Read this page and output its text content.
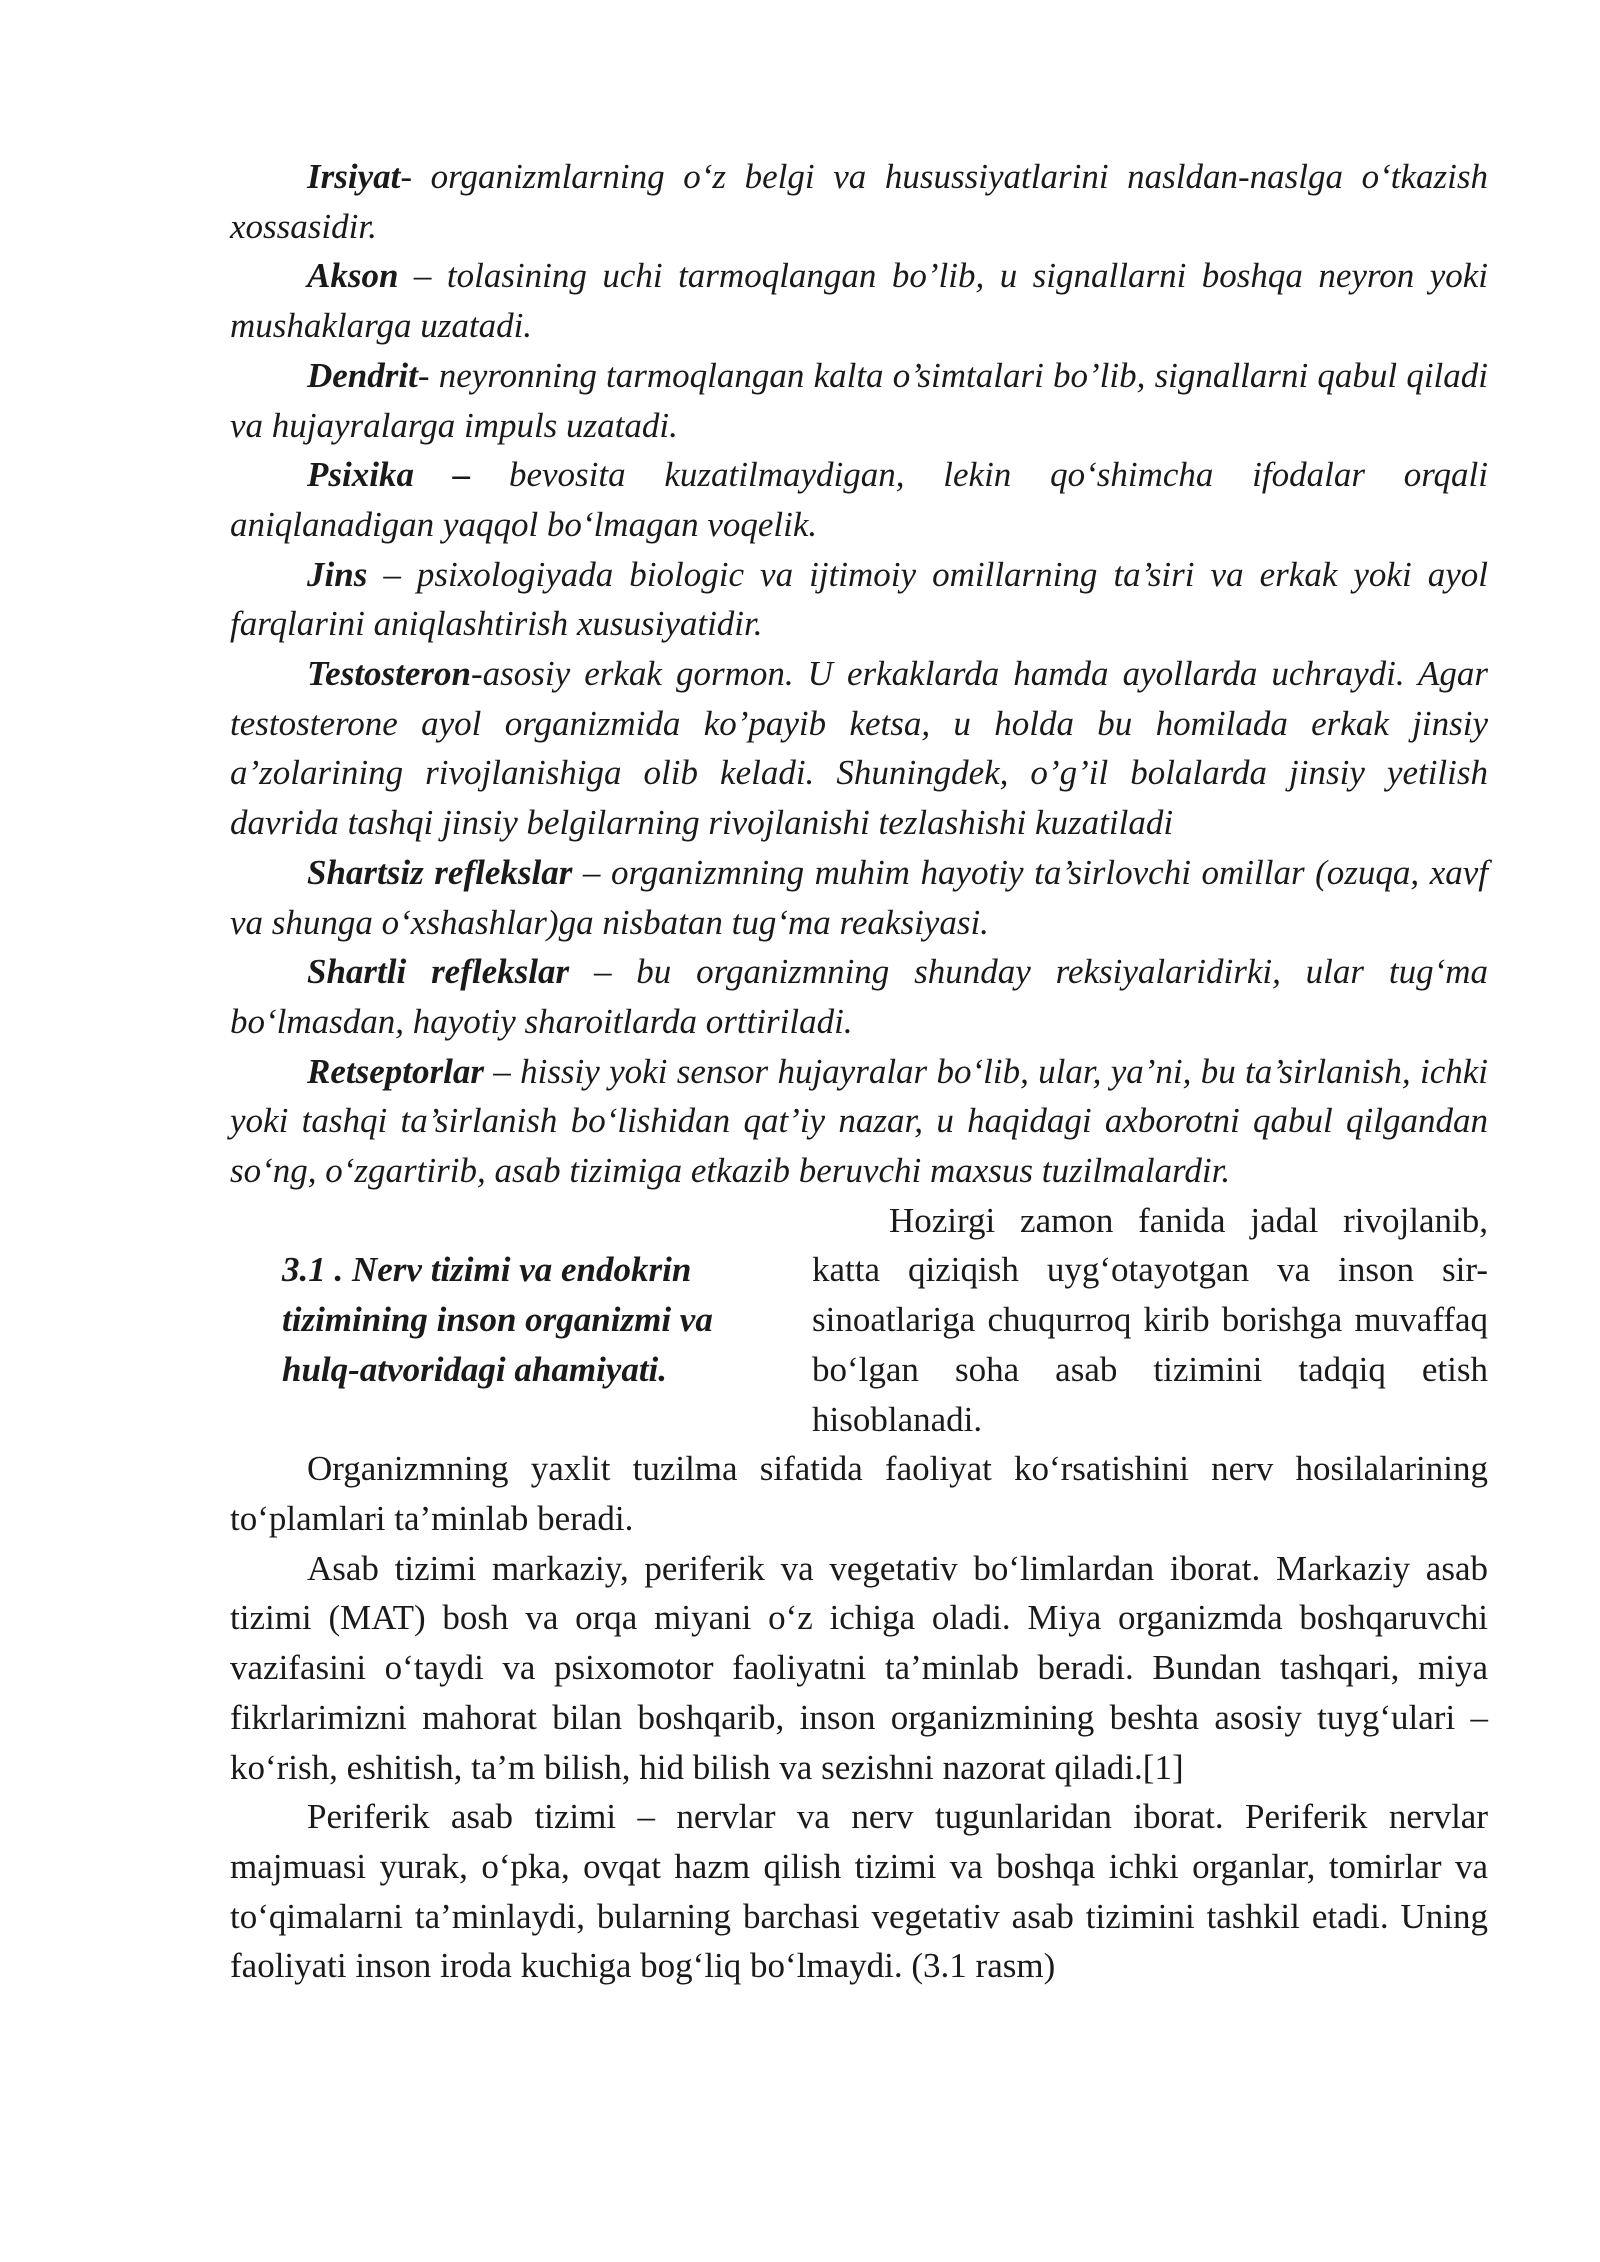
Irsiyat- organizmlarning o‘z belgi va husussiyatlarini nasldan-naslga o‘tkazish xossasidir.

Akson – tolasining uchi tarmoqlangan bo’lib, u signallarni boshqa neyron yoki mushaklarga uzatadi.

Dendrit- neyronning tarmoqlangan kalta o’simtalari bo’lib, signallarni qabul qiladi va hujayralarga impuls uzatadi.

Psixika – bevosita kuzatilmaydigan, lekin qo‘shimcha ifodalar orqali aniqlanadigan yaqqol bo‘lmagan voqelik.

Jins – psixologiyada biologic va ijtimoiy omillarning ta’siri va erkak yoki ayol farqlarini aniqlashtirish xususiyatidir.

Testosteron-asosiy erkak gormon. U erkaklarda hamda ayollarda uchraydi. Agar testosterone ayol organizmida ko’payib ketsa, u holda bu homilada erkak jinsiy a’zolarining rivojlanishiga olib keladi. Shuningdek, o’g’il bolalarda jinsiy yetilish davrida tashqi jinsiy belgilarning rivojlanishi tezlashishi kuzatiladi

Shartsiz reflekslar – organizmning muhim hayotiy ta’sirlovchi omillar (ozuqa, xavf va shunga o‘xshashlar)ga nisbatan tug‘ma reaksiyasi.

Shartli reflekslar – bu organizmning shunday reksiyalaridirki, ular tug‘ma bo‘lmasdan, hayotiy sharoitlarda orttiriladi.

Retseptorlar – hissiy yoki sensor hujayralar bo‘lib, ular, ya’ni, bu ta’sirlanish, ichki yoki tashqi ta’sirlanish bo‘lishidan qat’iy nazar, u haqidagi axborotni qabul qilgandan so‘ng, o‘zgartirib, asab tizimiga etkazib beruvchi maxsus tuzilmalardir.

3.1 . Nerv tizimi va endokrin tizimining inson organizmi va hulq-atvoridagi ahamiyati.

Hozirgi zamon fanida jadal rivojlanib, katta qiziqish uyg‘otayotgan va inson sir-sinoatlariga chuqurroq kirib borishga muvaffaq bo‘lgan soha asab tizimini tadqiq etish hisoblanadi.

Organizmning yaxlit tuzilma sifatida faoliyat ko‘rsatishini nerv hosilalarining to‘plamlari ta’minlab beradi.

Asab tizimi markaziy, periferik va vegetativ bo‘limlardan iborat. Markaziy asab tizimi (MAT) bosh va orqa miyani o‘z ichiga oladi. Miya organizmda boshqaruvchi vazifasini o‘taydi va psixomotor faoliyatni ta’minlab beradi. Bundan tashqari, miya fikrlarimizni mahorat bilan boshqarib, inson organizmining beshta asosiy tuyg‘ulari – ko‘rish, eshitish, ta’m bilish, hid bilish va sezishni nazorat qiladi.[1]

Periferik asab tizimi – nervlar va nerv tugunlaridan iborat. Periferik nervlar majmuasi yurak, o‘pka, ovqat hazm qilish tizimi va boshqa ichki organlar, tomirlar va to‘qimalarni ta’minlaydi, bularning barchasi vegetativ asab tizimini tashkil etadi. Uning faoliyati inson iroda kuchiga bog‘liq bo‘lmaydi. (3.1 rasm)
